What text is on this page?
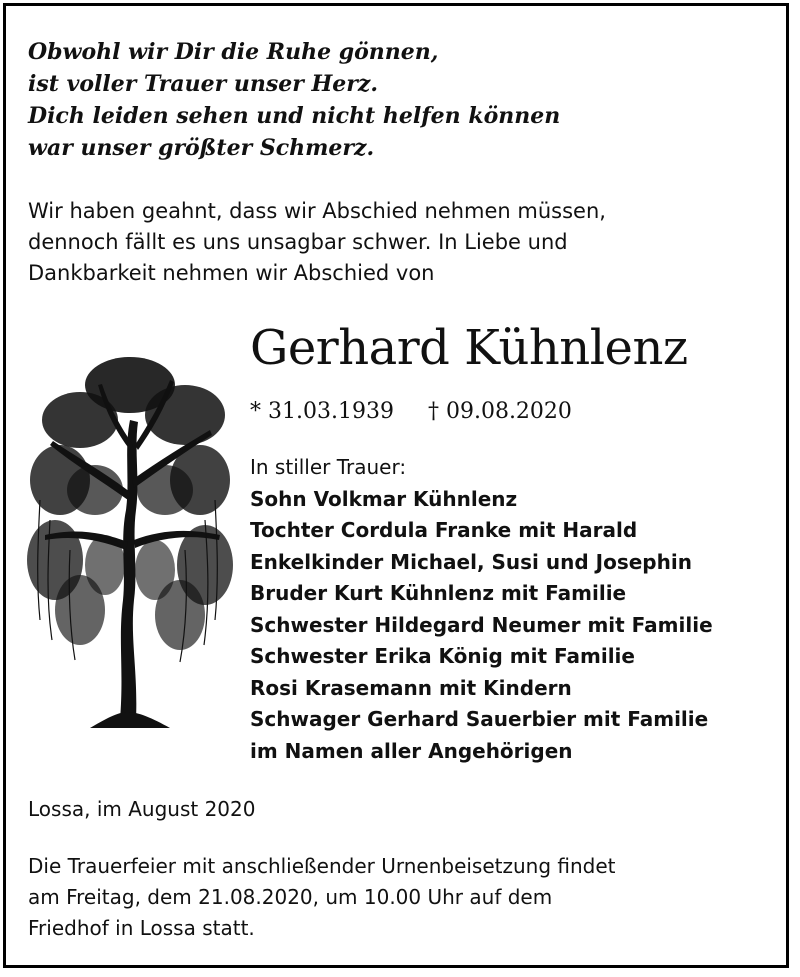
Obwohl wir Dir die Ruhe gönnen,
ist voller Trauer unser Herz.
Dich leiden sehen und nicht helfen können
war unser größter Schmerz.
Wir haben geahnt, dass wir Abschied nehmen müssen,
dennoch fällt es uns unsagbar schwer. In Liebe und
Dankbarkeit nehmen wir Abschied von
Gerhard Kühnlenz
* 31.03.1939 † 09.08.2020
In stiller Trauer:
Sohn Volkmar Kühnlenz
Tochter Cordula Franke mit Harald
Enkelkinder Michael, Susi und Josephin
Bruder Kurt Kühnlenz mit Familie
Schwester Hildegard Neumer mit Familie
Schwester Erika König mit Familie
Rosi Krasemann mit Kindern
Schwager Gerhard Sauerbier mit Familie
im Namen aller Angehörigen
Lossa, im August 2020
Die Trauerfeier mit anschließender Urnenbeisetzung findet
am Freitag, dem 21.08.2020, um 10.00 Uhr auf dem
Friedhof in Lossa statt.
